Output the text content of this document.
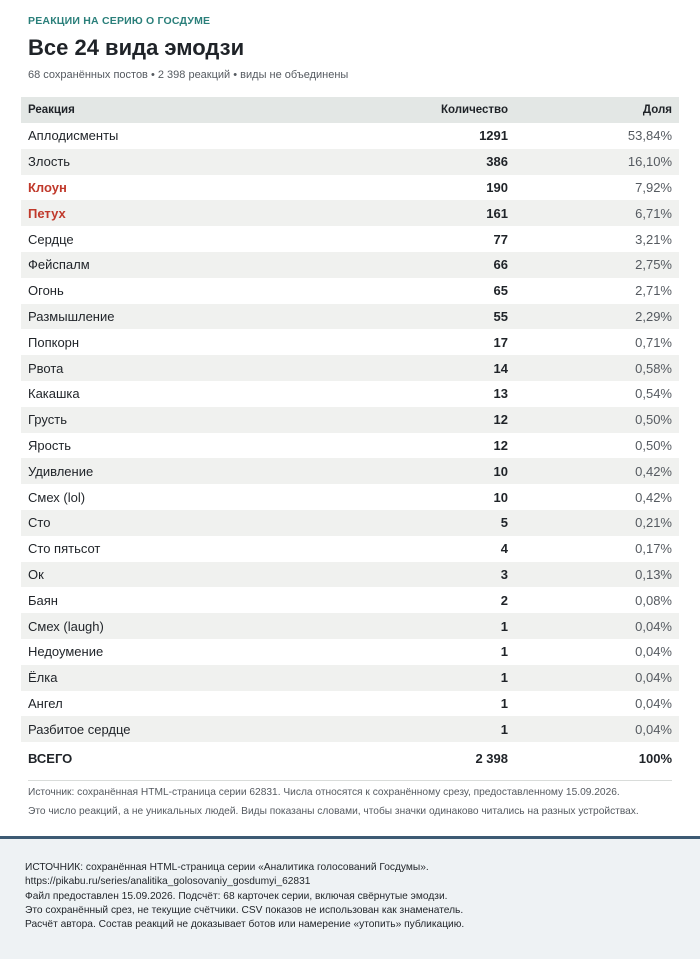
РЕАКЦИИ НА СЕРИЮ О ГОСДУМЕ
Все 24 вида эмодзи
68 сохранённых постов • 2 398 реакций • виды не объединены
Реакция	Количество	Доля
Аплодисменты	1291	53,84%
Злость	386	16,10%
Клоун	190	7,92%
Петух	161	6,71%
Сердце	77	3,21%
Фейспалм	66	2,75%
Огонь	65	2,71%
Размышление	55	2,29%
Попкорн	17	0,71%
Рвота	14	0,58%
Какашка	13	0,54%
Грусть	12	0,50%
Ярость	12	0,50%
Удивление	10	0,42%
Смех (lol)	10	0,42%
Сто	5	0,21%
Сто пятьсот	4	0,17%
Ок	3	0,13%
Баян	2	0,08%
Смех (laugh)	1	0,04%
Недоумение	1	0,04%
Ёлка	1	0,04%
Ангел	1	0,04%
Разбитое сердце	1	0,04%

ВСЕГО	2 398	100%
Источник: сохранённая HTML-страница серии 62831. Числа относятся к сохранённому срезу, предоставленному 15.09.2026.
Это число реакций, а не уникальных людей. Виды показаны словами, чтобы значки одинаково читались на разных устройствах.
ИСТОЧНИК: сохранённая HTML-страница серии «Аналитика голосований Госдумы».
https://pikabu.ru/series/analitika_golosovaniy_gosdumyi_62831
Файл предоставлен 15.09.2026. Подсчёт: 68 карточек серии, включая свёрнутые эмодзи.
Это сохранённый срез, не текущие счётчики. CSV показов не использован как знаменатель.
Расчёт автора. Состав реакций не доказывает ботов или намерение «утопить» публикацию.
